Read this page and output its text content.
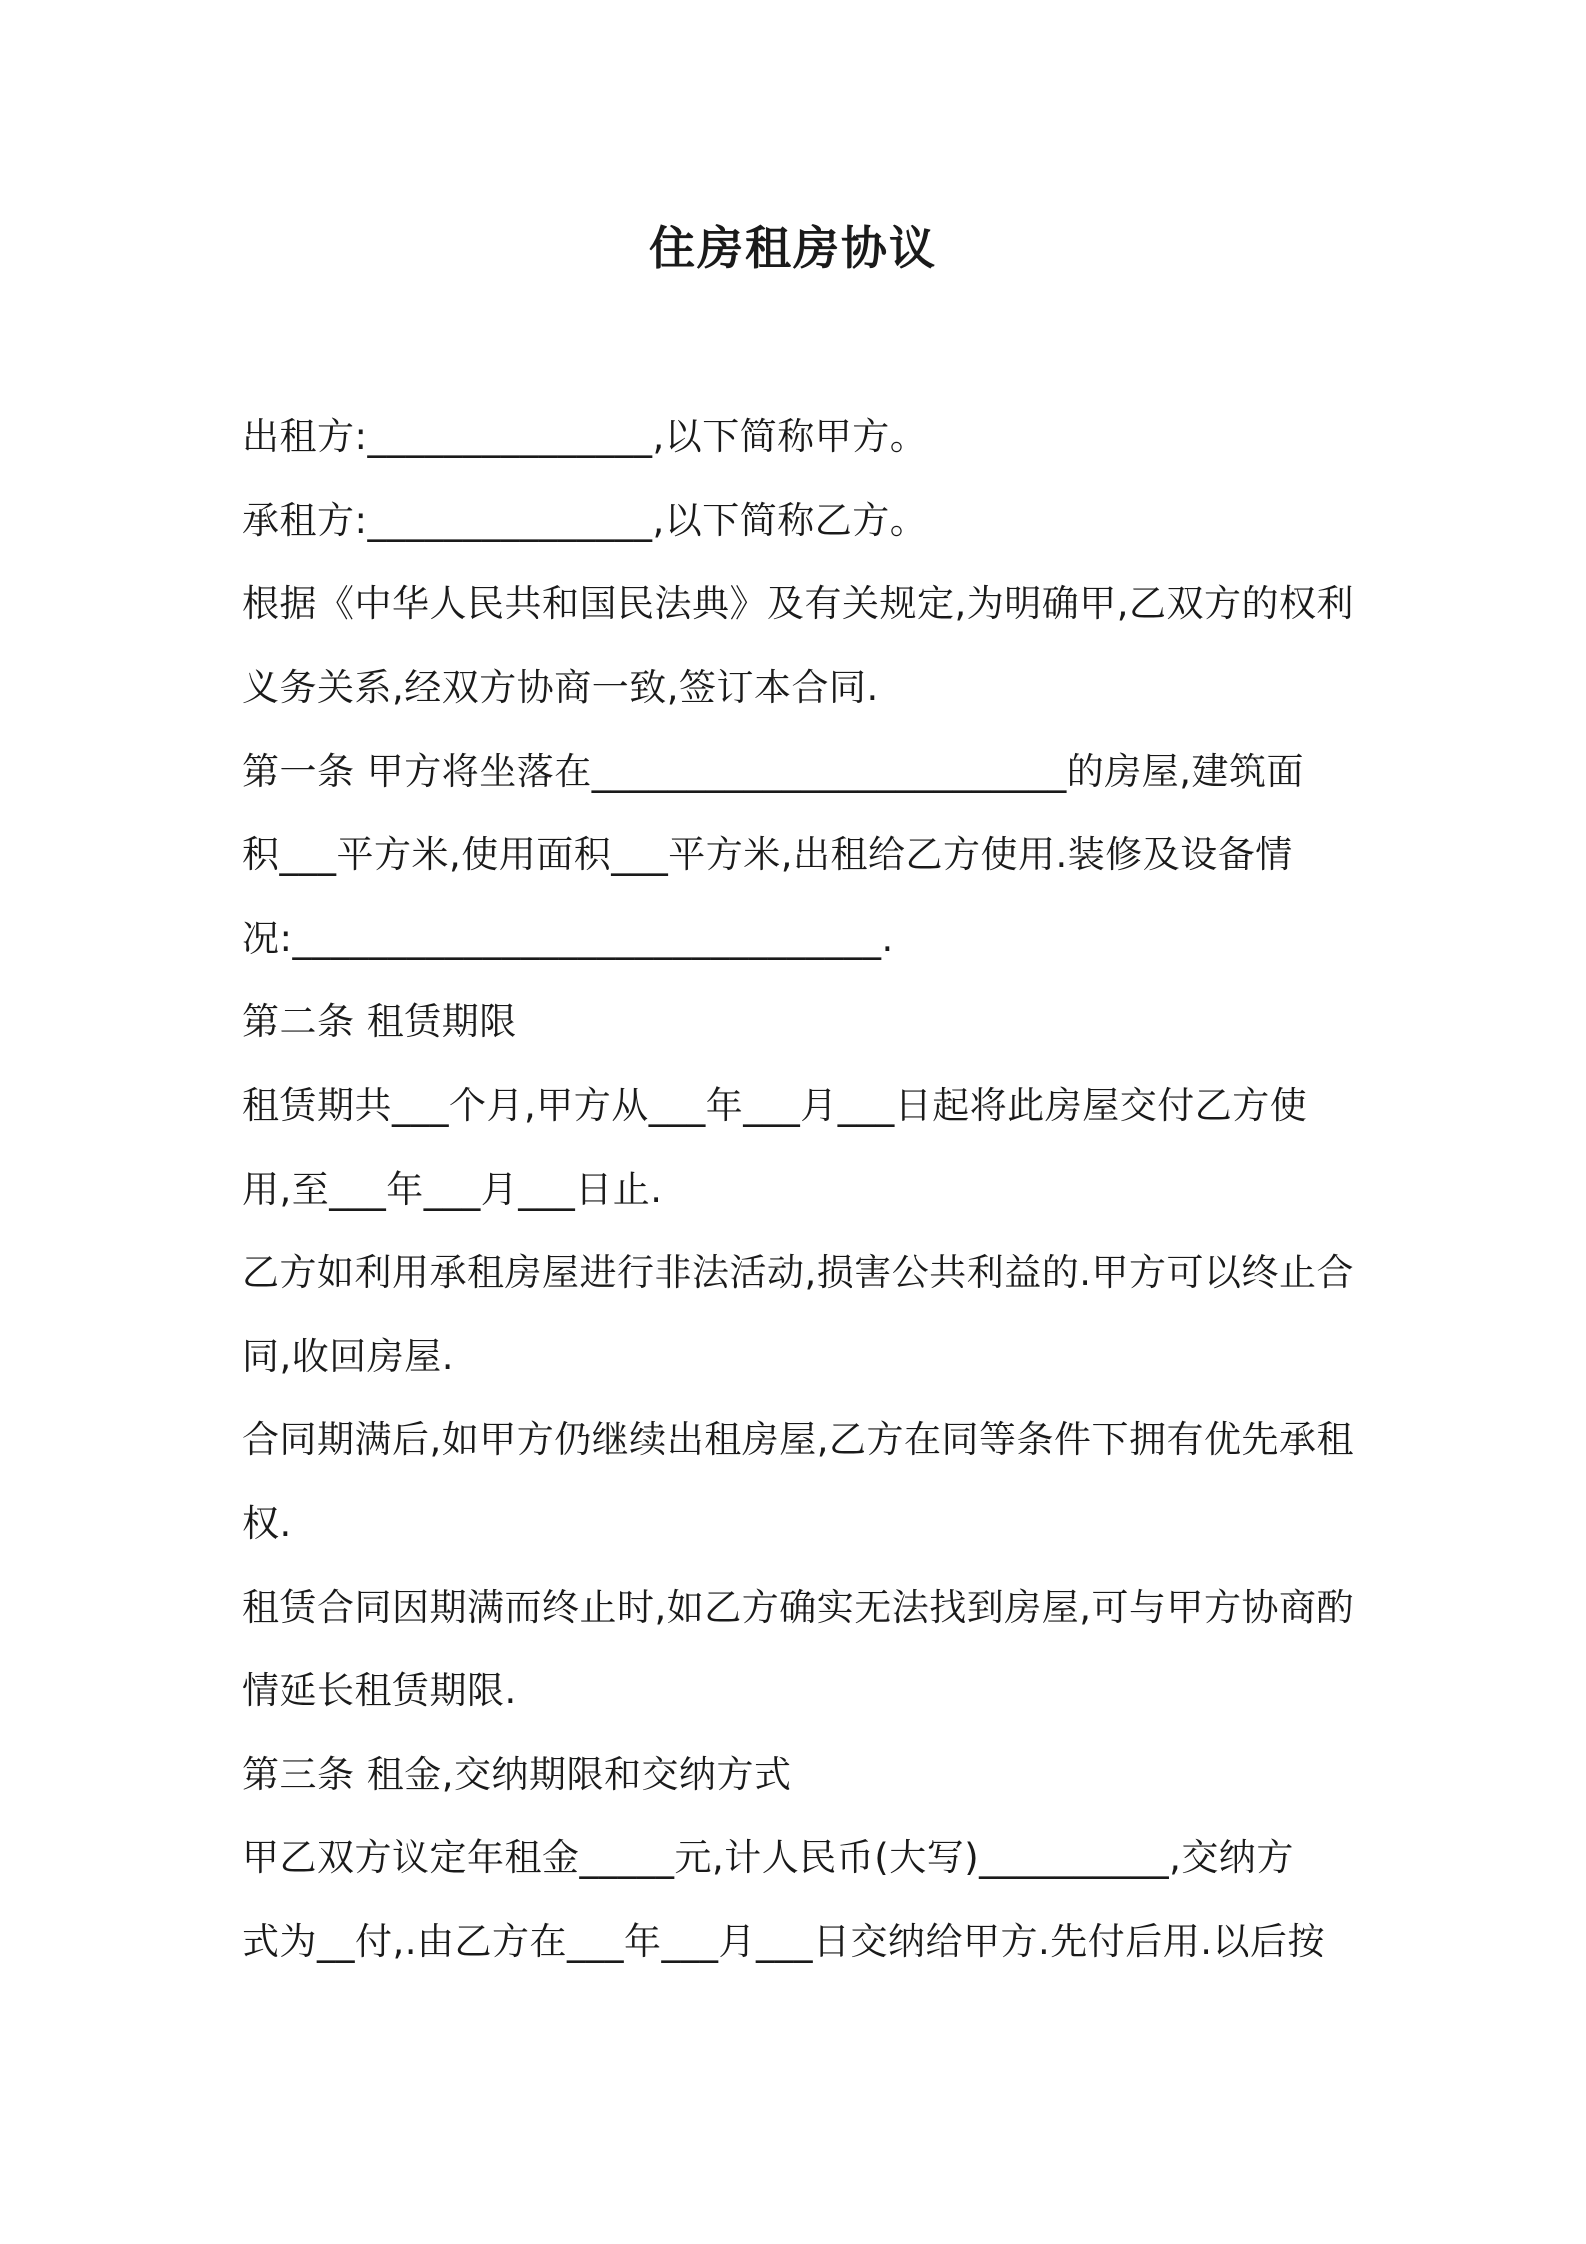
住房租房协议
出租方:_______________,以下简称甲方。
承租方:_______________,以下简称乙方。
根据《中华人民共和国民法典》及有关规定,为明确甲,乙双方的权利
义务关系,经双方协商一致,签订本合同.
第一条 甲方将坐落在_________________________的房屋,建筑面
积___平方米,使用面积___平方米,出租给乙方使用.装修及设备情
况:_______________________________.
第二条 租赁期限
租赁期共___个月,甲方从___年___月___日起将此房屋交付乙方使
用,至___年___月___日止.
乙方如利用承租房屋进行非法活动,损害公共利益的.甲方可以终止合
同,收回房屋.
合同期满后,如甲方仍继续出租房屋,乙方在同等条件下拥有优先承租
权.
租赁合同因期满而终止时,如乙方确实无法找到房屋,可与甲方协商酌
情延长租赁期限.
第三条 租金,交纳期限和交纳方式
甲乙双方议定年租金_____元,计人民币(大写)__________,交纳方
式为__付,.由乙方在___年___月___日交纳给甲方.先付后用.以后按
